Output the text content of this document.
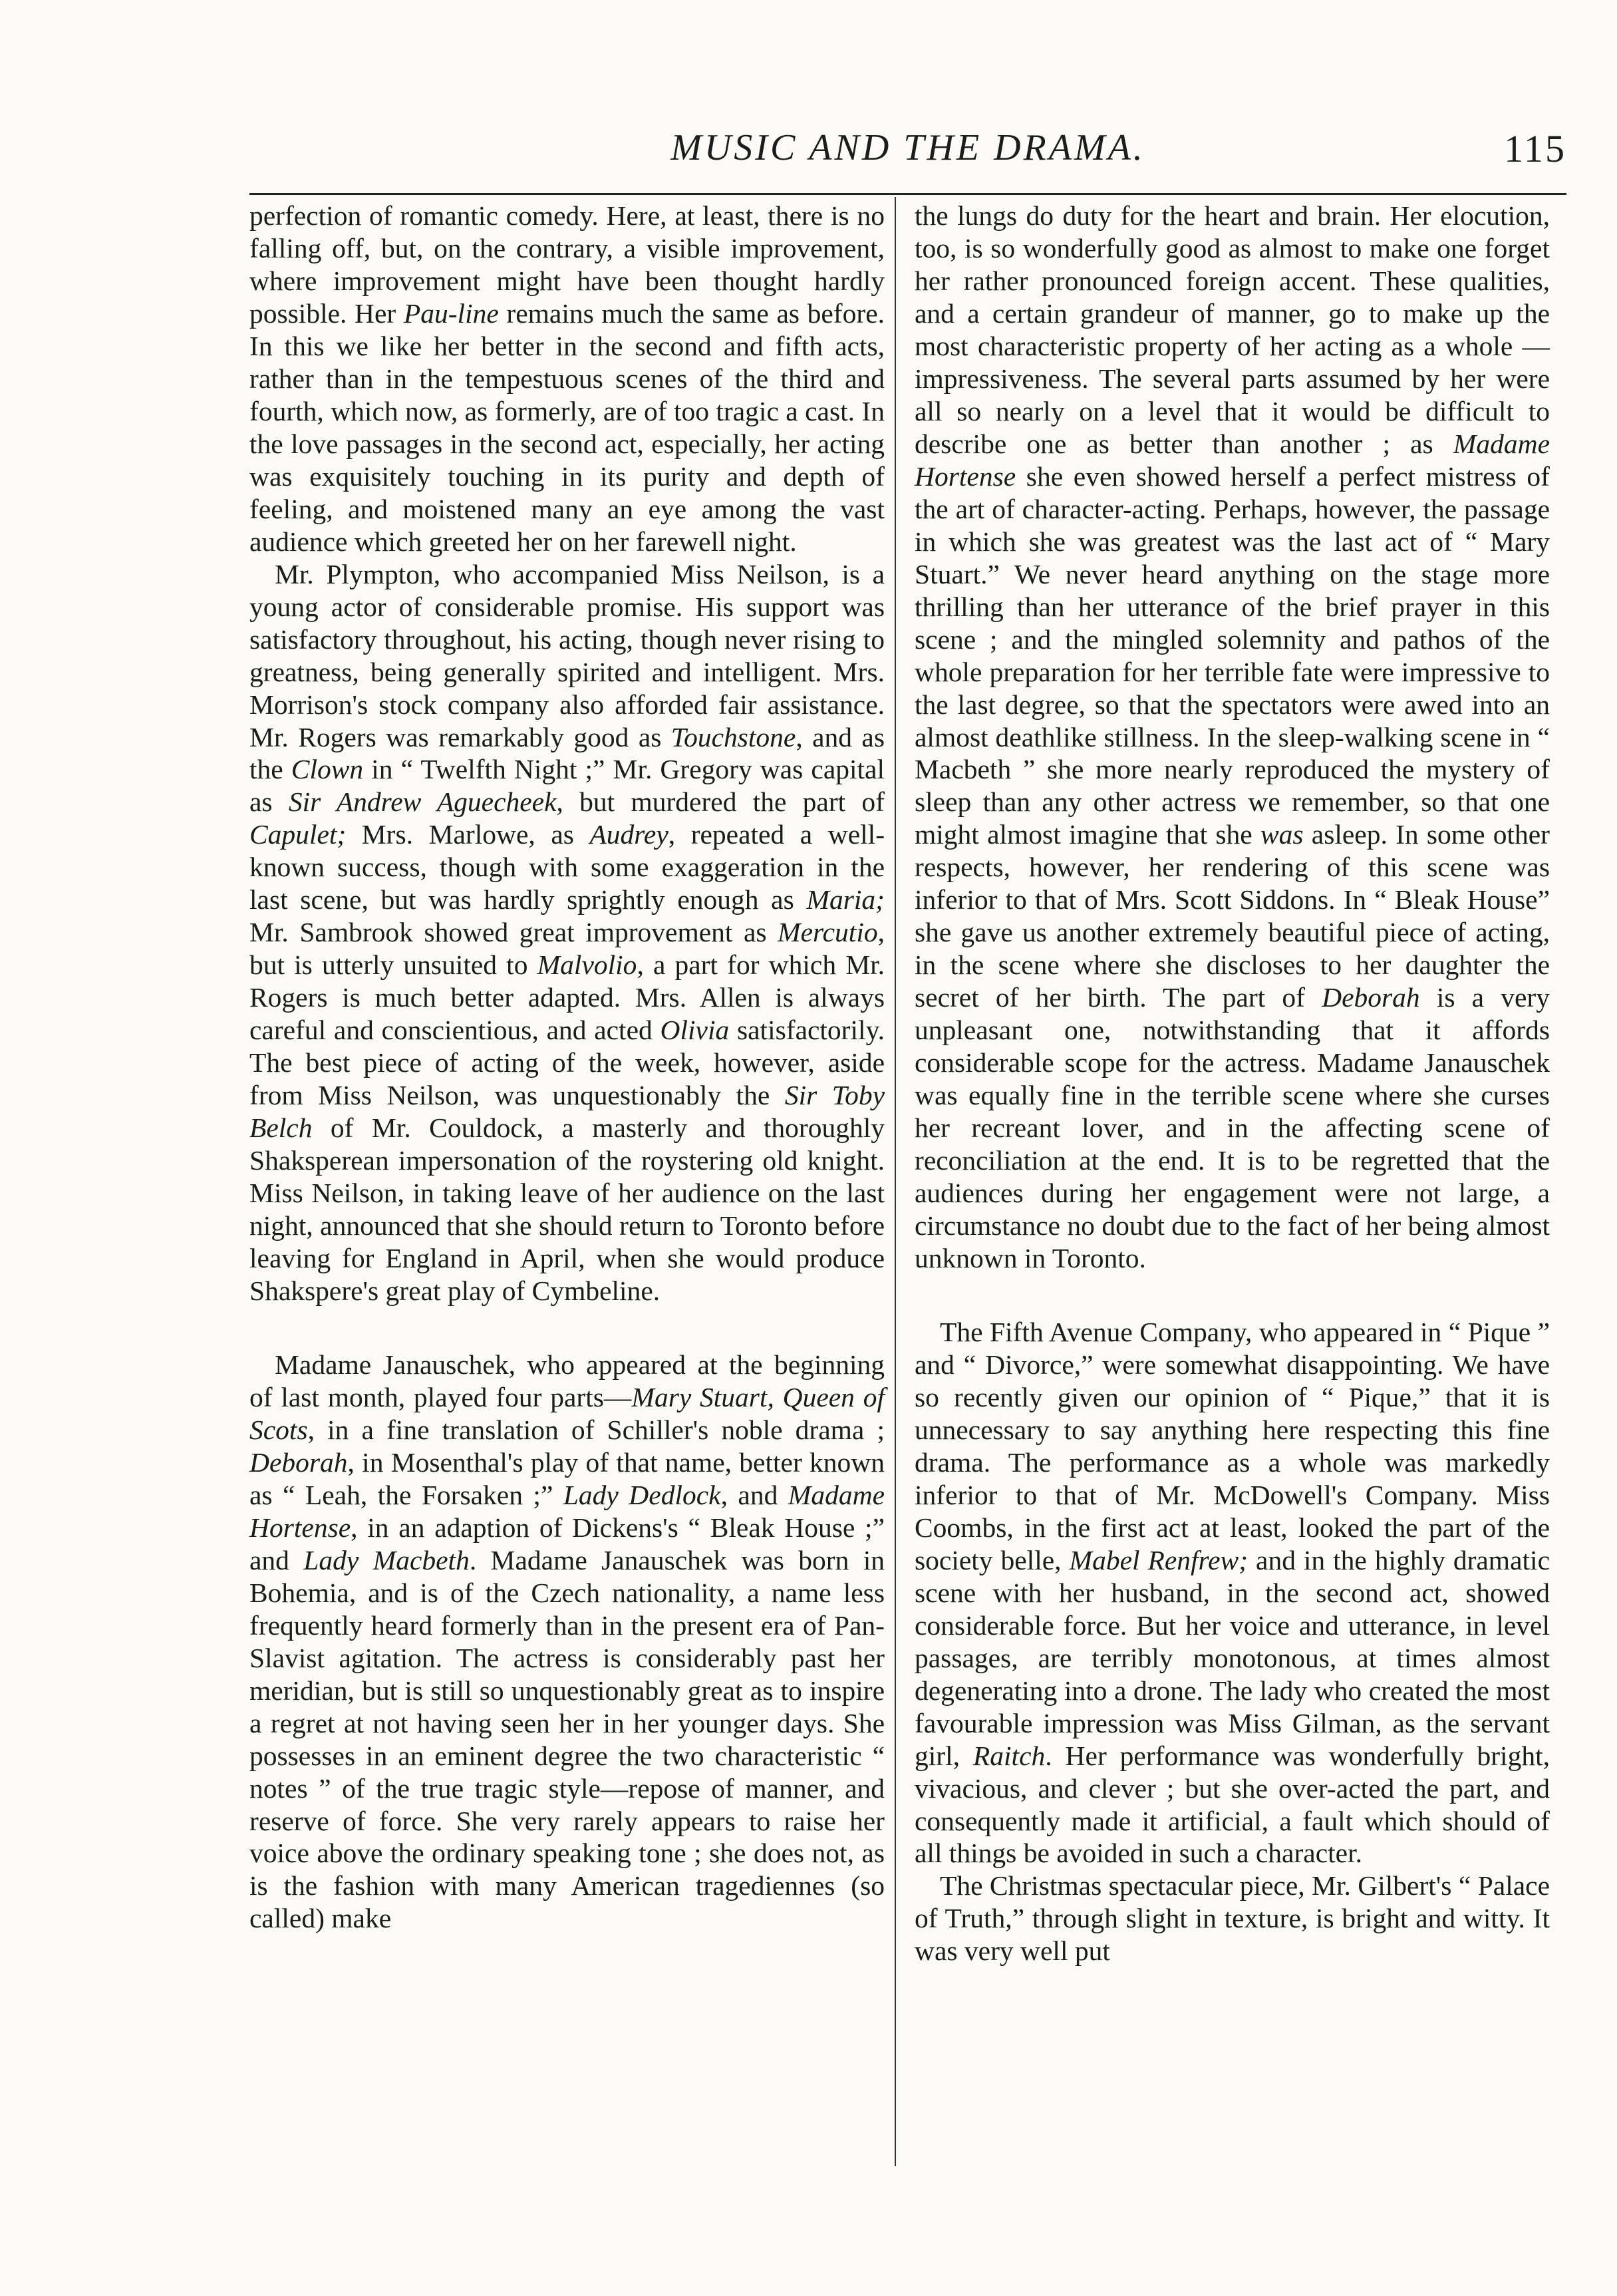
MUSIC AND THE DRAMA.	115

perfection of romantic comedy. Here, at least, there is no falling off, but, on the contrary, a visible improvement, where improvement might have been thought hardly possible. Her Pau-line remains much the same as before. In this we like her better in the second and fifth acts, rather than in the tempestuous scenes of the third and fourth, which now, as formerly, are of too tragic a cast. In the love passages in the second act, especially, her acting was exquisitely touching in its purity and depth of feeling, and moistened many an eye among the vast audience which greeted her on her farewell night.

Mr. Plympton, who accompanied Miss Neilson, is a young actor of considerable promise. His support was satisfactory throughout, his acting, though never rising to greatness, being generally spirited and intelligent. Mrs. Morrison's stock company also afforded fair assistance. Mr. Rogers was remarkably good as Touchstone, and as the Clown in “ Twelfth Night ;” Mr. Gregory was capital as Sir Andrew Aguecheek, but murdered the part of Capulet; Mrs. Marlowe, as Audrey, repeated a well-known success, though with some exaggeration in the last scene, but was hardly sprightly enough as Maria; Mr. Sambrook showed great improvement as Mercutio, but is utterly unsuited to Malvolio, a part for which Mr. Rogers is much better adapted. Mrs. Allen is always careful and conscientious, and acted Olivia satisfactorily. The best piece of acting of the week, however, aside from Miss Neilson, was unquestionably the Sir Toby Belch of Mr. Couldock, a masterly and thoroughly Shaksperean impersonation of the roystering old knight. Miss Neilson, in taking leave of her audience on the last night, announced that she should return to Toronto before leaving for England in April, when she would produce Shakspere's great play of Cymbeline.

Madame Janauschek, who appeared at the beginning of last month, played four parts—Mary Stuart, Queen of Scots, in a fine translation of Schiller's noble drama ; Deborah, in Mosenthal's play of that name, better known as “ Leah, the Forsaken ;” Lady Dedlock, and Madame Hortense, in an adaption of Dickens's “ Bleak House ;” and Lady Macbeth. Madame Janauschek was born in Bohemia, and is of the Czech nationality, a name less frequently heard formerly than in the present era of Pan-Slavist agitation. The actress is considerably past her meridian, but is still so unquestionably great as to inspire a regret at not having seen her in her younger days. She possesses in an eminent degree the two characteristic “ notes ” of the true tragic style—repose of manner, and reserve of force. She very rarely appears to raise her voice above the ordinary speaking tone ; she does not, as is the fashion with many American tragediennes (so called) make

the lungs do duty for the heart and brain. Her elocution, too, is so wonderfully good as almost to make one forget her rather pronounced foreign accent. These qualities, and a certain grandeur of manner, go to make up the most characteristic property of her acting as a whole —impressiveness. The several parts assumed by her were all so nearly on a level that it would be difficult to describe one as better than another ; as Madame Hortense she even showed herself a perfect mistress of the art of character-acting. Perhaps, however, the passage in which she was greatest was the last act of “ Mary Stuart.” We never heard anything on the stage more thrilling than her utterance of the brief prayer in this scene ; and the mingled solemnity and pathos of the whole preparation for her terrible fate were impressive to the last degree, so that the spectators were awed into an almost deathlike stillness. In the sleep-walking scene in “ Macbeth ” she more nearly reproduced the mystery of sleep than any other actress we remember, so that one might almost imagine that she was asleep. In some other respects, however, her rendering of this scene was inferior to that of Mrs. Scott Siddons. In “ Bleak House” she gave us another extremely beautiful piece of acting, in the scene where she discloses to her daughter the secret of her birth. The part of Deborah is a very unpleasant one, notwithstanding that it affords considerable scope for the actress. Madame Janauschek was equally fine in the terrible scene where she curses her recreant lover, and in the affecting scene of reconciliation at the end. It is to be regretted that the audiences during her engagement were not large, a circumstance no doubt due to the fact of her being almost unknown in Toronto.

The Fifth Avenue Company, who appeared in “ Pique ” and “ Divorce,” were somewhat disappointing. We have so recently given our opinion of “ Pique,” that it is unnecessary to say anything here respecting this fine drama. The performance as a whole was markedly inferior to that of Mr. McDowell's Company. Miss Coombs, in the first act at least, looked the part of the society belle, Mabel Renfrew; and in the highly dramatic scene with her husband, in the second act, showed considerable force. But her voice and utterance, in level passages, are terribly monotonous, at times almost degenerating into a drone. The lady who created the most favourable impression was Miss Gilman, as the servant girl, Raitch. Her performance was wonderfully bright, vivacious, and clever ; but she over-acted the part, and consequently made it artificial, a fault which should of all things be avoided in such a character.

The Christmas spectacular piece, Mr. Gilbert's “ Palace of Truth,” through slight in texture, is bright and witty. It was very well put
